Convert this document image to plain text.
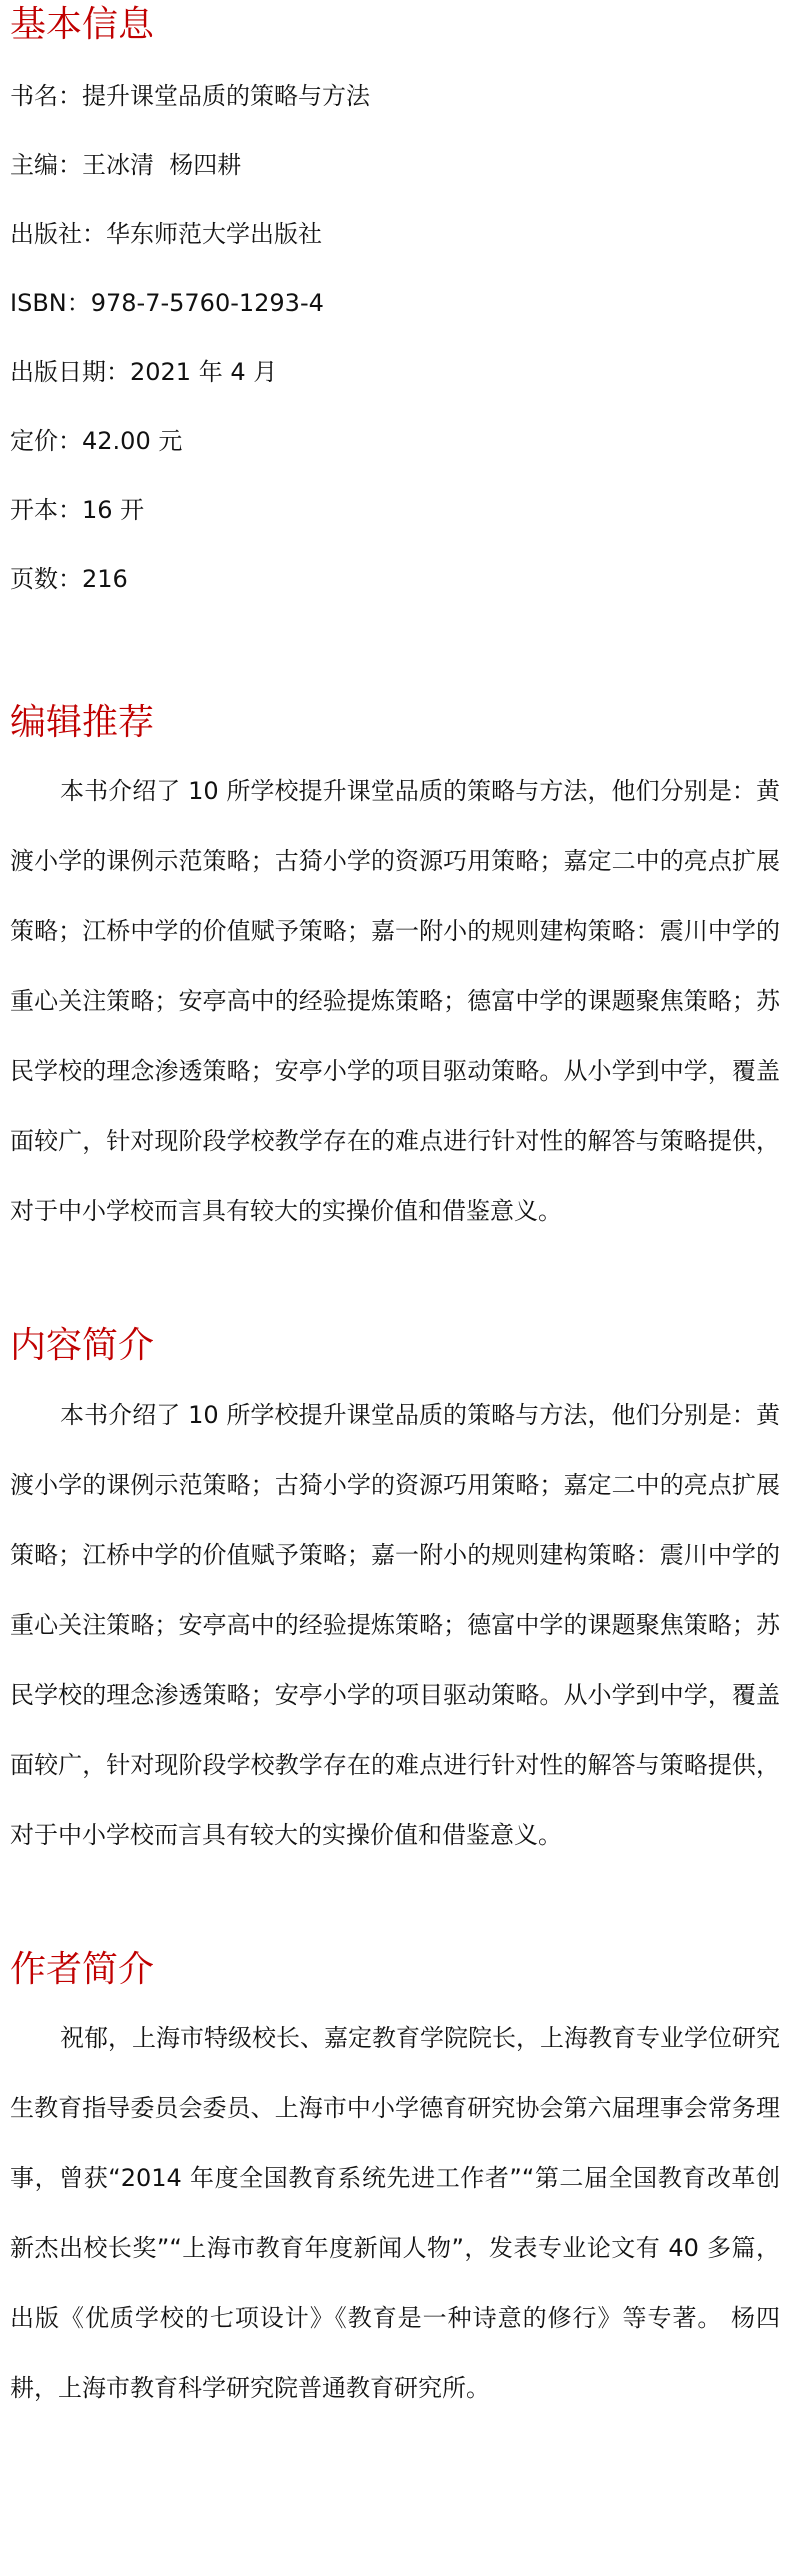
基本信息
书名：提升课堂品质的策略与方法
主编：王冰清  杨四耕
出版社：华东师范大学出版社
ISBN：978-7-5760-1293-4
出版日期：2021 年 4 月
定价：42.00 元
开本：16 开
页数：216
编辑推荐

本书介绍了 10 所学校提升课堂品质的策略与方法，他们分别是：黄渡小学的课例示范策略；古猗小学的资源巧用策略；嘉定二中的亮点扩展策略；江桥中学的价值赋予策略；嘉一附小的规则建构策略：震川中学的重心关注策略；安亭高中的经验提炼策略；德富中学的课题聚焦策略；苏民学校的理念渗透策略；安亭小学的项目驱动策略。从小学到中学，覆盖面较广，针对现阶段学校教学存在的难点进行针对性的解答与策略提供，对于中小学校而言具有较大的实操价值和借鉴意义。

内容简介

本书介绍了 10 所学校提升课堂品质的策略与方法，他们分别是：黄渡小学的课例示范策略；古猗小学的资源巧用策略；嘉定二中的亮点扩展策略；江桥中学的价值赋予策略；嘉一附小的规则建构策略：震川中学的重心关注策略；安亭高中的经验提炼策略；德富中学的课题聚焦策略；苏民学校的理念渗透策略；安亭小学的项目驱动策略。从小学到中学，覆盖面较广，针对现阶段学校教学存在的难点进行针对性的解答与策略提供，对于中小学校而言具有较大的实操价值和借鉴意义。

作者简介

祝郁，上海市特级校长、嘉定教育学院院长，上海教育专业学位研究生教育指导委员会委员、上海市中小学德育研究协会第六届理事会常务理事，曾获“2014 年度全国教育系统先进工作者”“第二届全国教育改革创新杰出校长奖”“上海市教育年度新闻人物”，发表专业论文有 40 多篇，出版《优质学校的七项设计》《教育是一种诗意的修行》等专著。 杨四耕，上海市教育科学研究院普通教育研究所。
